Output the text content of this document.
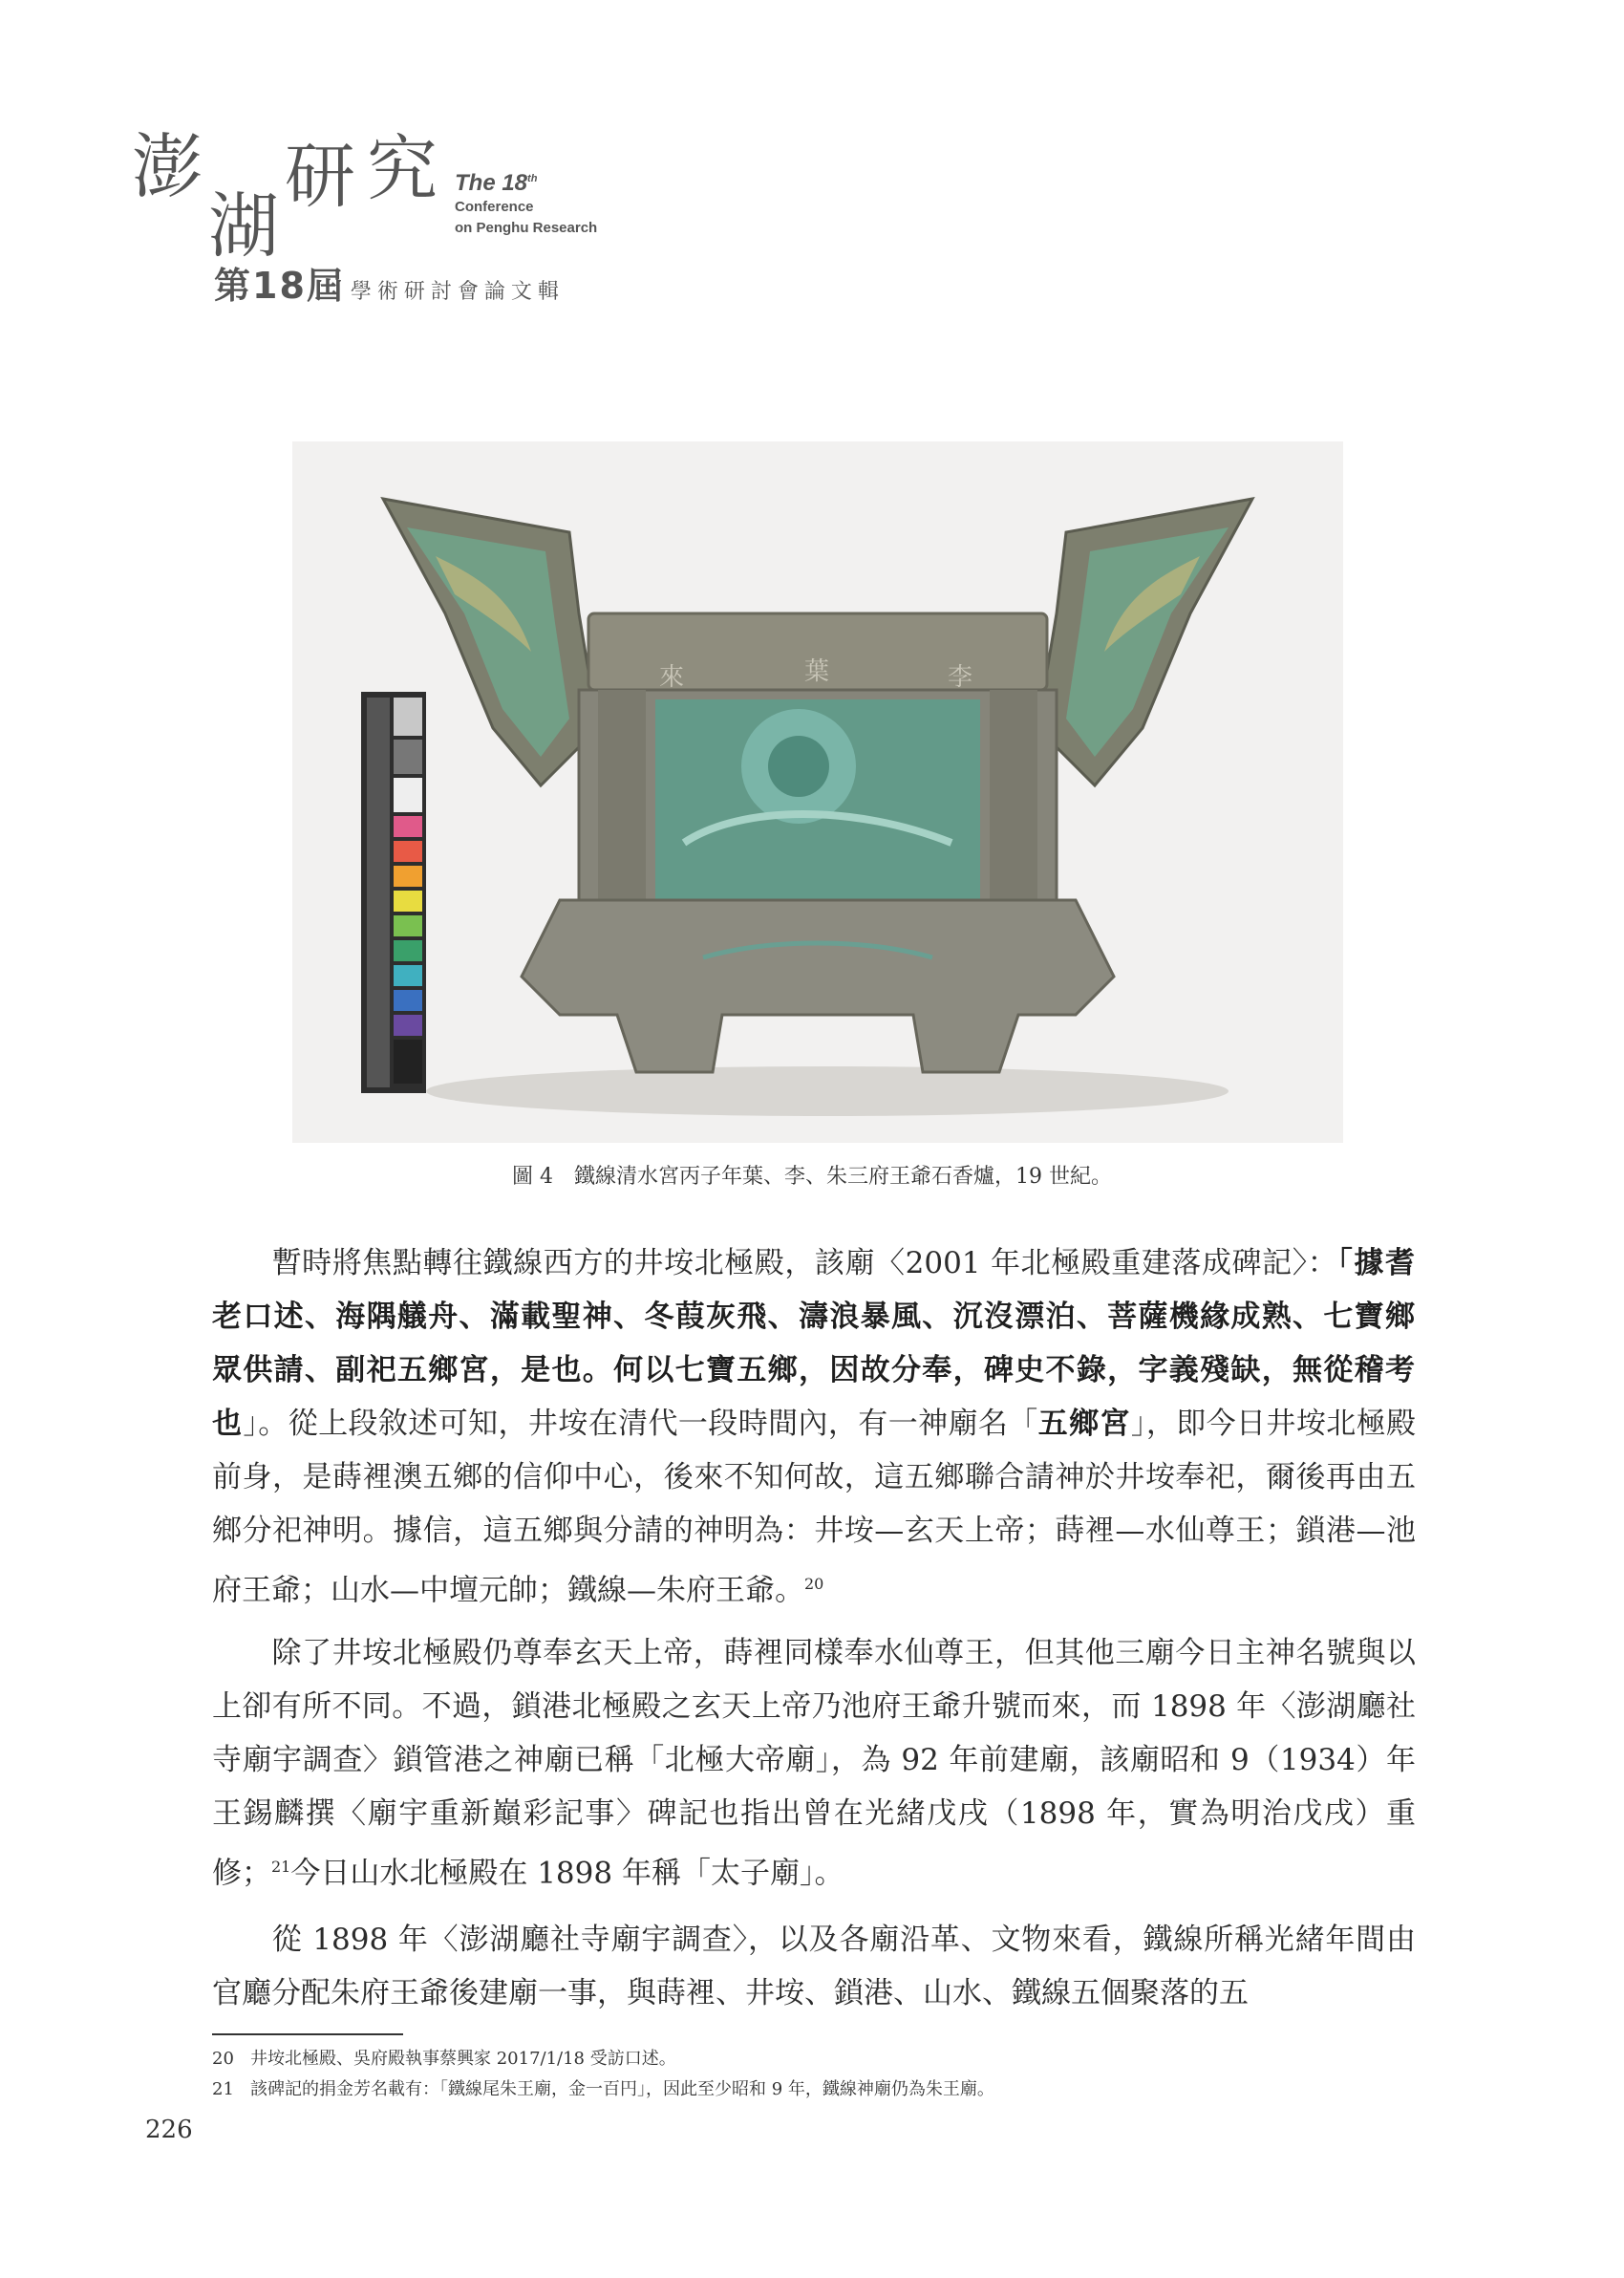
澎
湖
研 究 The 18th
Conference
on Penghu Research
第18屆 學術研討會論文輯
來	葉	李
圖 4　鐵線清水宮丙子年葉、李、朱三府王爺石香爐，19 世紀。

暫時將焦點轉往鐵線西方的井垵北極殿，該廟〈2001 年北極殿重建落成碑記〉：「據耆老口述、海隅艤舟、滿載聖神、冬葭灰飛、濤浪暴風、沉沒漂泊、菩薩機緣成熟、七寶鄉眾供請、副祀五鄉宮，是也。何以七寶五鄉，因故分奉，碑史不錄，字義殘缺，無從稽考也」。從上段敘述可知，井垵在清代一段時間內，有一神廟名「五鄉宮」，即今日井垵北極殿前身，是蒔裡澳五鄉的信仰中心，後來不知何故，這五鄉聯合請神於井垵奉祀，爾後再由五鄉分祀神明。據信，這五鄉與分請的神明為：井垵—玄天上帝；蒔裡—水仙尊王；鎖港—池府王爺；山水—中壇元帥；鐵線—朱府王爺。$^{20}$

除了井垵北極殿仍尊奉玄天上帝，蒔裡同樣奉水仙尊王，但其他三廟今日主神名號與以上卻有所不同。不過，鎖港北極殿之玄天上帝乃池府王爺升號而來，而 1898 年〈澎湖廳社寺廟宇調查〉鎖管港之神廟已稱「北極大帝廟」，為 92 年前建廟，該廟昭和 9（1934）年王錫麟撰〈廟宇重新巔彩記事〉碑記也指出曾在光緒戊戌（1898 年，實為明治戊戌）重修；$^{21}$今日山水北極殿在 1898 年稱「太子廟」。

從 1898 年〈澎湖廳社寺廟宇調查〉，以及各廟沿革、文物來看，鐵線所稱光緒年間由官廳分配朱府王爺後建廟一事，與蒔裡、井垵、鎖港、山水、鐵線五個聚落的五

20 井垵北極殿、吳府殿執事蔡興家 2017/1/18 受訪口述。
21 該碑記的捐金芳名載有：「鐵線尾朱王廟，金一百円」，因此至少昭和 9 年，鐵線神廟仍為朱王廟。
226
